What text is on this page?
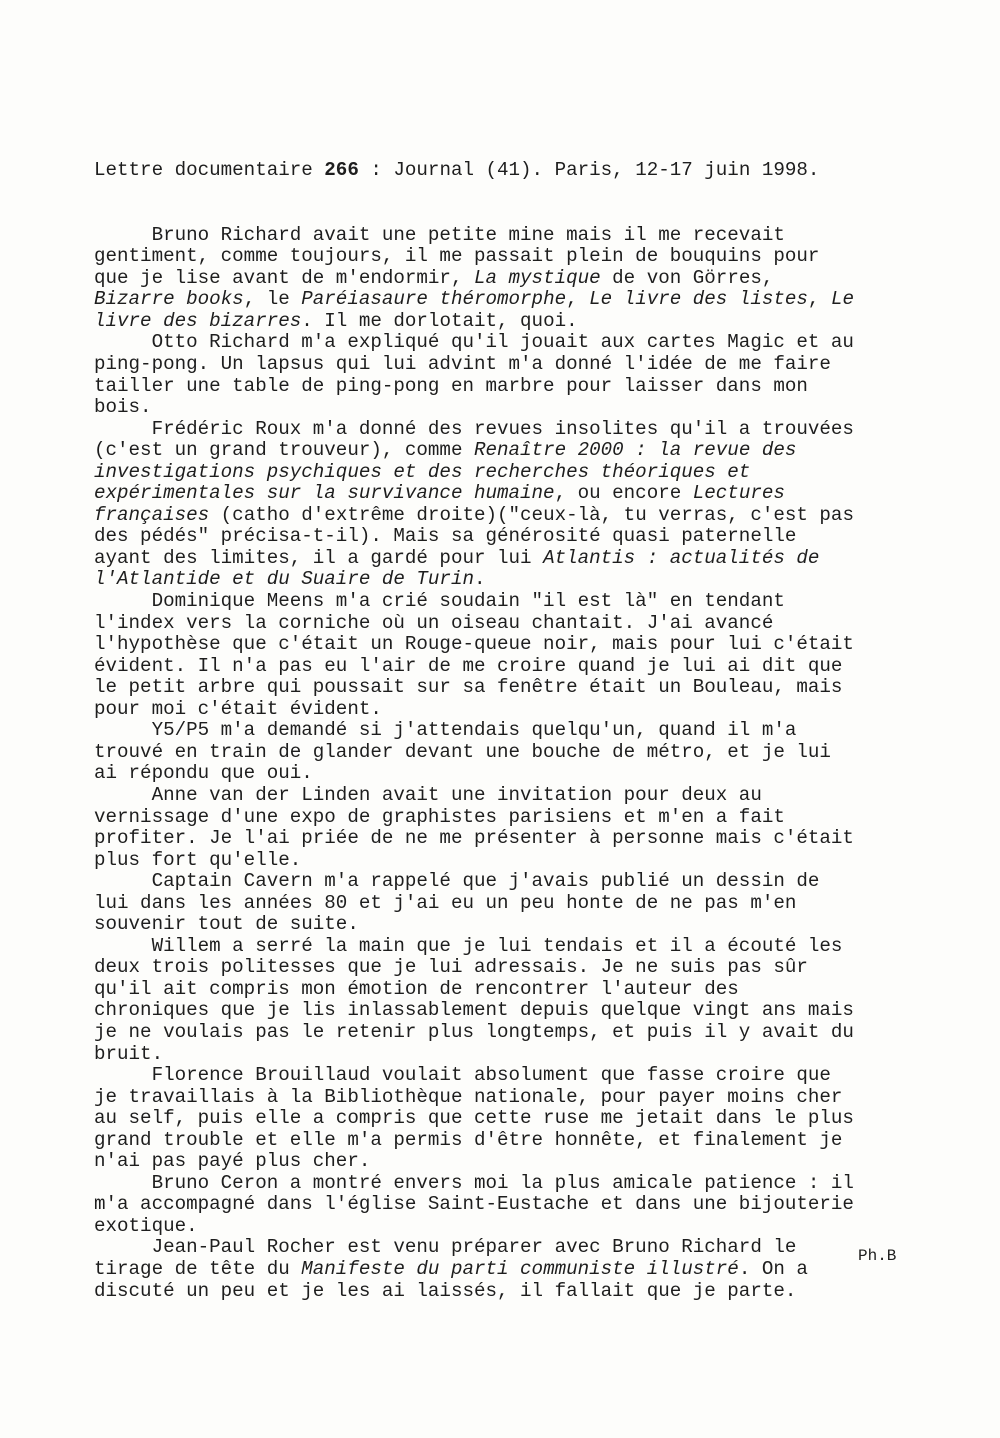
Lettre documentaire 266 : Journal (41). Paris, 12-17 juin 1998.

Bruno Richard avait une petite mine mais il me recevait
gentiment, comme toujours, il me passait plein de bouquins pour
que je lise avant de m'endormir, La mystique de von Görres,
Bizarre books, le Paréiasaure théromorphe, Le livre des listes, Le
livre des bizarres. Il me dorlotait, quoi.
Otto Richard m'a expliqué qu'il jouait aux cartes Magic et au
ping-pong. Un lapsus qui lui advint m'a donné l'idée de me faire
tailler une table de ping-pong en marbre pour laisser dans mon
bois.
Frédéric Roux m'a donné des revues insolites qu'il a trouvées
(c'est un grand trouveur), comme Renaître 2000 : la revue des
investigations psychiques et des recherches théoriques et
expérimentales sur la survivance humaine, ou encore Lectures
françaises (catho d'extrême droite)("ceux-là, tu verras, c'est pas
des pédés" précisa-t-il). Mais sa générosité quasi paternelle
ayant des limites, il a gardé pour lui Atlantis : actualités de
l'Atlantide et du Suaire de Turin.
Dominique Meens m'a crié soudain "il est là" en tendant
l'index vers la corniche où un oiseau chantait. J'ai avancé
l'hypothèse que c'était un Rouge-queue noir, mais pour lui c'était
évident. Il n'a pas eu l'air de me croire quand je lui ai dit que
le petit arbre qui poussait sur sa fenêtre était un Bouleau, mais
pour moi c'était évident.
Y5/P5 m'a demandé si j'attendais quelqu'un, quand il m'a
trouvé en train de glander devant une bouche de métro, et je lui
ai répondu que oui.
Anne van der Linden avait une invitation pour deux au
vernissage d'une expo de graphistes parisiens et m'en a fait
profiter. Je l'ai priée de ne me présenter à personne mais c'était
plus fort qu'elle.
Captain Cavern m'a rappelé que j'avais publié un dessin de
lui dans les années 80 et j'ai eu un peu honte de ne pas m'en
souvenir tout de suite.
Willem a serré la main que je lui tendais et il a écouté les
deux trois politesses que je lui adressais. Je ne suis pas sûr
qu'il ait compris mon émotion de rencontrer l'auteur des
chroniques que je lis inlassablement depuis quelque vingt ans mais
je ne voulais pas le retenir plus longtemps, et puis il y avait du
bruit.
Florence Brouillaud voulait absolument que fasse croire que
je travaillais à la Bibliothèque nationale, pour payer moins cher
au self, puis elle a compris que cette ruse me jetait dans le plus
grand trouble et elle m'a permis d'être honnête, et finalement je
n'ai pas payé plus cher.
Bruno Ceron a montré envers moi la plus amicale patience : il
m'a accompagné dans l'église Saint-Eustache et dans une bijouterie
exotique.
Jean-Paul Rocher est venu préparer avec Bruno Richard le
tirage de tête du Manifeste du parti communiste illustré. On a
discuté un peu et je les ai laissés, il fallait que je parte.

Ph.B
